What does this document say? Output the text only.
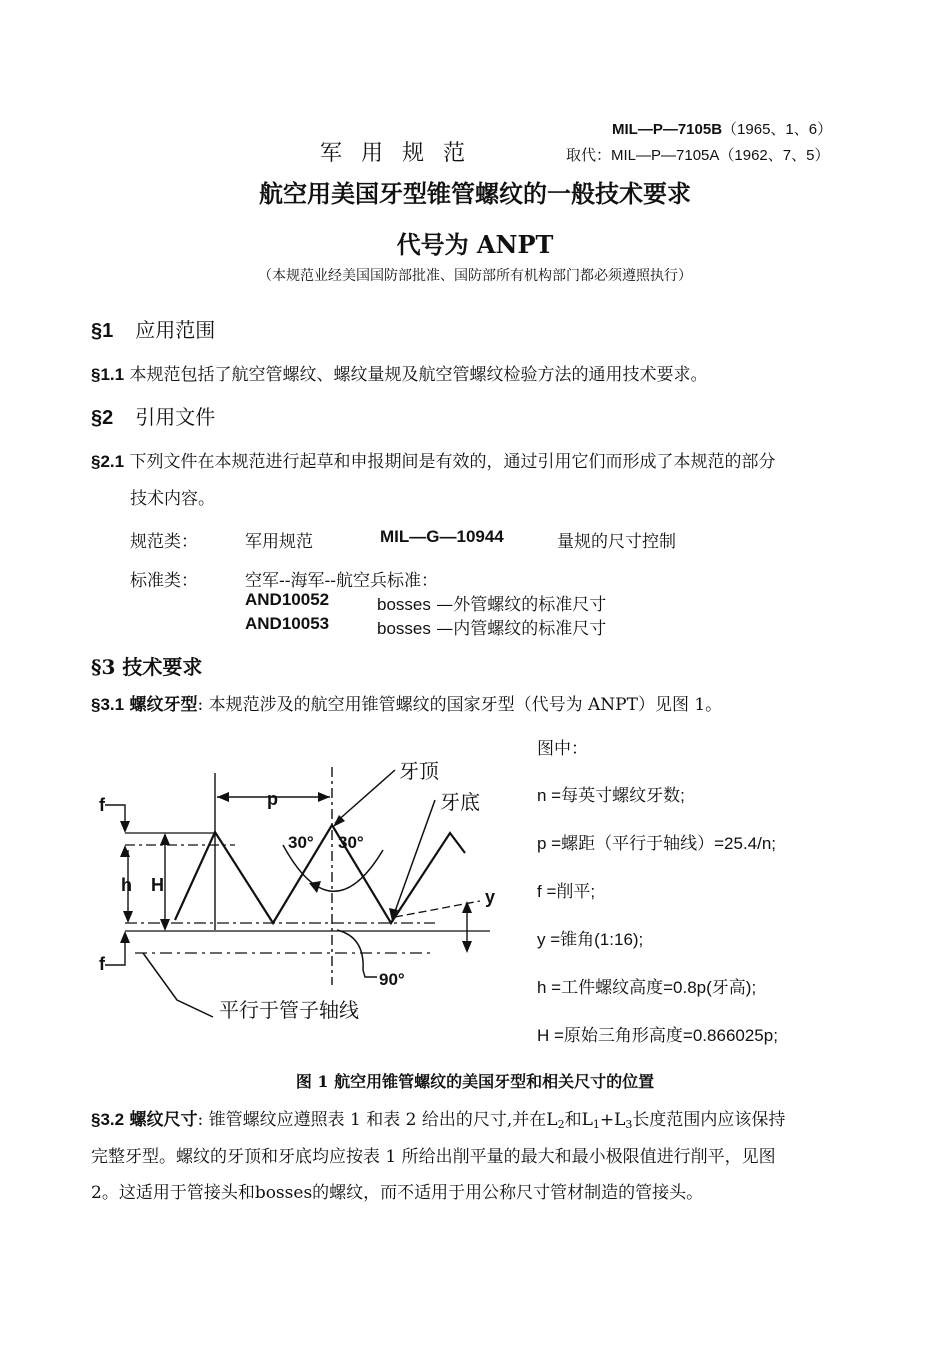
MIL—P—7105B（1965、1、6）
军 用 规 范	取代：MIL—P—7105A（1962、7、5）
航空用美国牙型锥管螺纹的一般技术要求
代号为 ANPT
（本规范业经美国国防部批准、国防部所有机构部门都必须遵照执行）
§1 应用范围
§1.1 本规范包括了航空管螺纹、螺纹量规及航空管螺纹检验方法的通用技术要求。
§2 引用文件
§2.1 下列文件在本规范进行起草和申报期间是有效的，通过引用它们而形成了本规范的部分
技术内容。
规范类：	军用规范	MIL—G—10944	量规的尺寸控制
标准类：	空军--海军--航空兵标准：
AND10052	bosses —外管螺纹的标准尺寸
AND10053	bosses —内管螺纹的标准尺寸
§3 技术要求
§3.1 螺纹牙型: 本规范涉及的航空用锥管螺纹的国家牙型（代号为 ANPT）见图 1。
p
f
h H
f
y
30° 30°
90°
牙顶
牙底
平行于管子轴线
图中：
n =每英寸螺纹牙数;
p =螺距（平行于轴线）=25.4/n;
f =削平;
y =锥角(1:16);
h =工件螺纹高度=0.8p(牙高);
H =原始三角形高度=0.866025p;
图 1 航空用锥管螺纹的美国牙型和相关尺寸的位置
§3.2 螺纹尺寸: 锥管螺纹应遵照表 1 和表 2 给出的尺寸,并在$L_2$和$L_1+L_3$长度范围内应该保持
完整牙型。螺纹的牙顶和牙底均应按表 1 所给出削平量的最大和最小极限值进行削平，见图
2。这适用于管接头和bosses的螺纹，而不适用于用公称尺寸管材制造的管接头。
